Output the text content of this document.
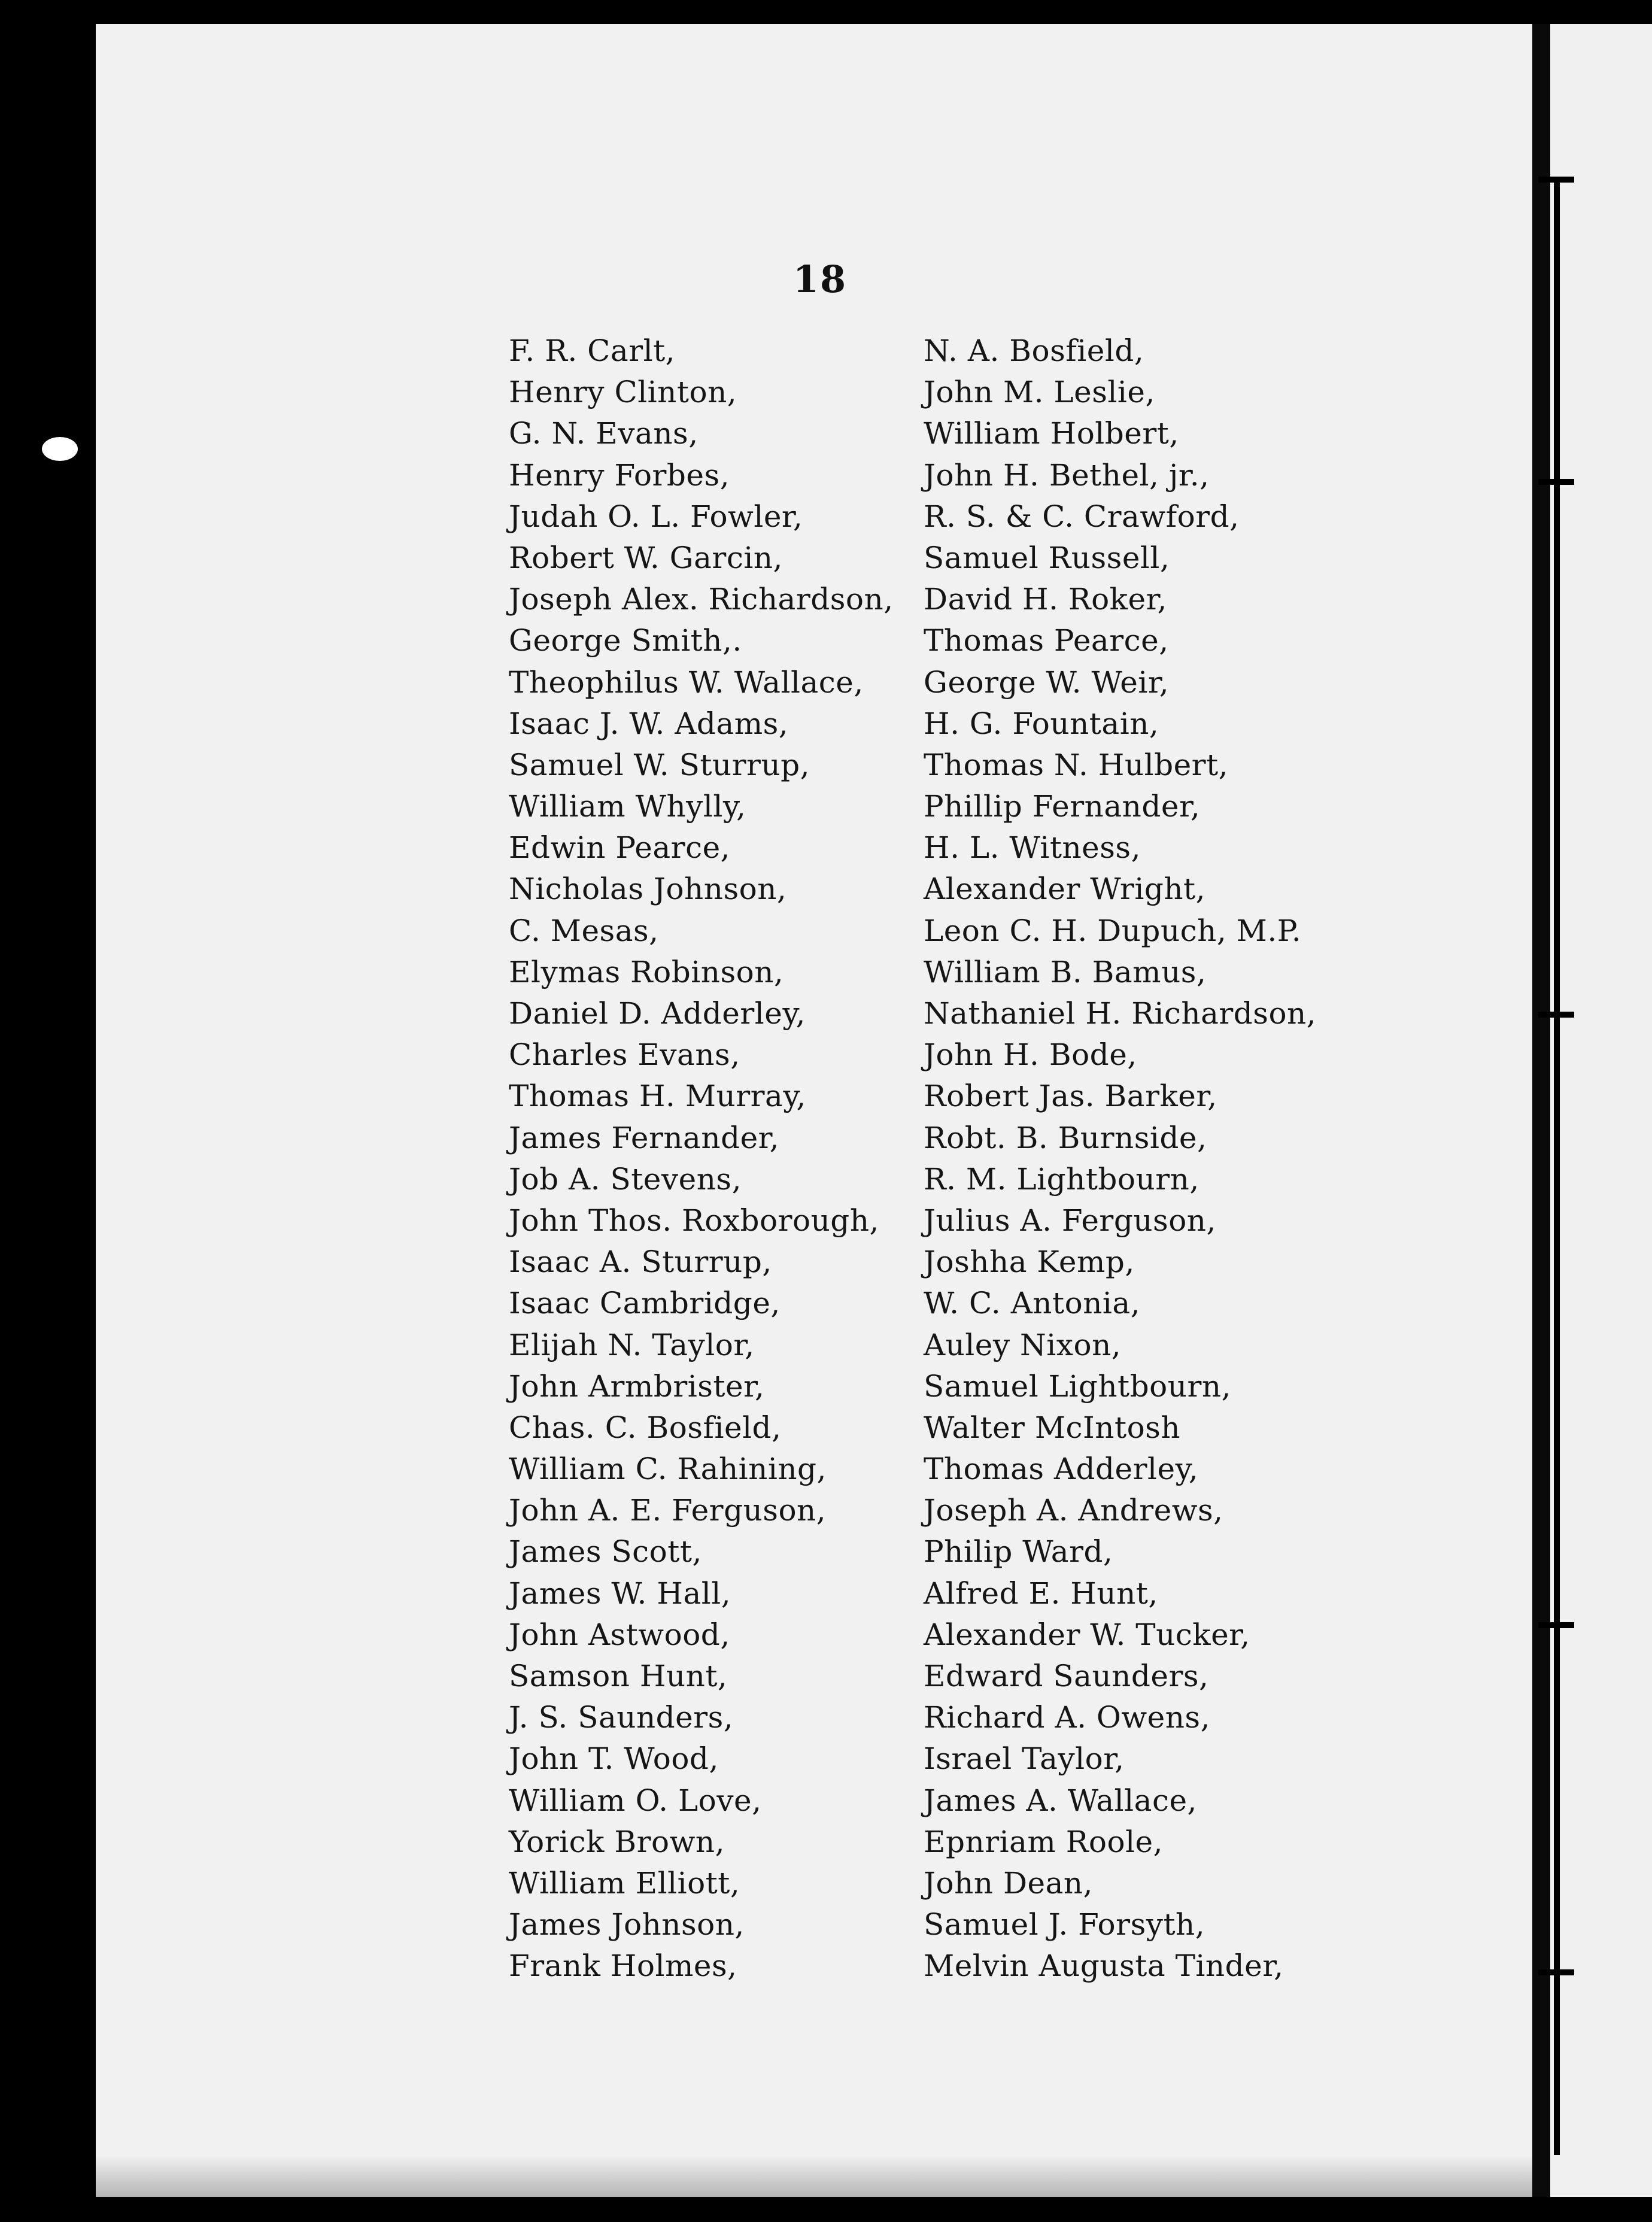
18
F. R. Carlt,
Henry Clinton,
G. N. Evans,
Henry Forbes,
Judah O. L. Fowler,
Robert W. Garcin,
Joseph Alex. Richardson,
George Smith,.
Theophilus W. Wallace,
Isaac J. W. Adams,
Samuel W. Sturrup,
William Whylly,
Edwin Pearce,
Nicholas Johnson,
C. Mesas,
Elymas Robinson,
Daniel D. Adderley,
Charles Evans,
Thomas H. Murray,
James Fernander,
Job A. Stevens,
John Thos. Roxborough,
Isaac A. Sturrup,
Isaac Cambridge,
Elijah N. Taylor,
John Armbrister,
Chas. C. Bosfield,
William C. Rahining,
John A. E. Ferguson,
James Scott,
James W. Hall,
John Astwood,
Samson Hunt,
J. S. Saunders,
John T. Wood,
William O. Love,
Yorick Brown,
William Elliott,
James Johnson,
Frank Holmes,
N. A. Bosfield,
John M. Leslie,
William Holbert,
John H. Bethel, jr.,
R. S. & C. Crawford,
Samuel Russell,
David H. Roker,
Thomas Pearce,
George W. Weir,
H. G. Fountain,
Thomas N. Hulbert,
Phillip Fernander,
H. L. Witness,
Alexander Wright,
Leon C. H. Dupuch, M.P.
William B. Bamus,
Nathaniel H. Richardson,
John H. Bode,
Robert Jas. Barker,
Robt. B. Burnside,
R. M. Lightbourn,
Julius A. Ferguson,
Joshha Kemp,
W. C. Antonia,
Auley Nixon,
Samuel Lightbourn,
Walter McIntosh
Thomas Adderley,
Joseph A. Andrews,
Philip Ward,
Alfred E. Hunt,
Alexander W. Tucker,
Edward Saunders,
Richard A. Owens,
Israel Taylor,
James A. Wallace,
Epnriam Roole,
John Dean,
Samuel J. Forsyth,
Melvin Augusta Tinder,
